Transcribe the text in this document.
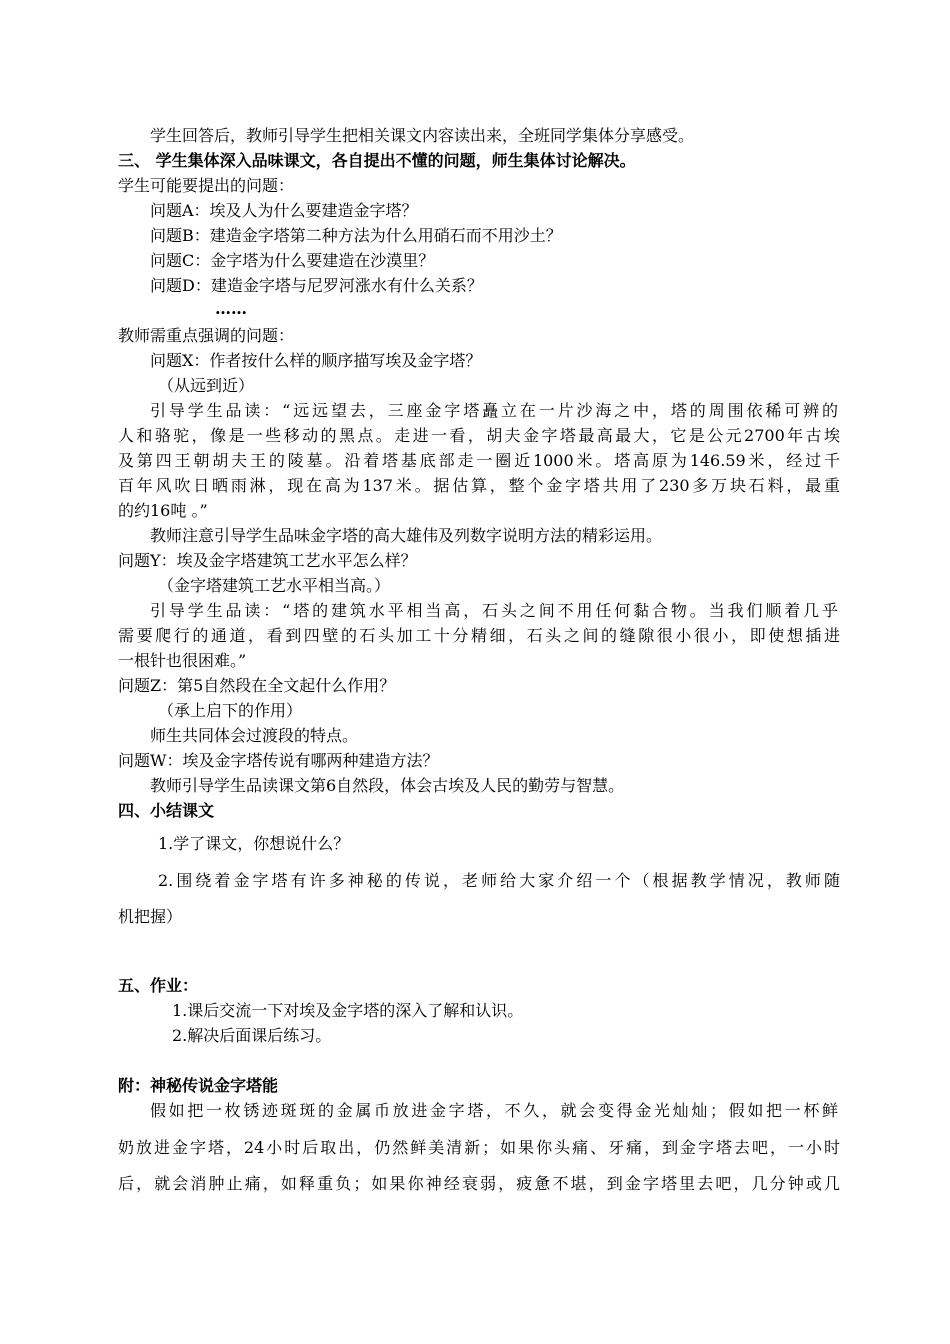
学生回答后，教师引导学生把相关课文内容读出来，全班同学集体分享感受。
三、 学生集体深入品味课文，各自提出不懂的问题，师生集体讨论解决。
学生可能要提出的问题：
问题A：埃及人为什么要建造金字塔？
问题B：建造金字塔第二种方法为什么用硝石而不用沙土？
问题C：金字塔为什么要建造在沙漠里？
问题D：建造金字塔与尼罗河涨水有什么关系？
……
教师需重点强调的问题：
问题X：作者按什么样的顺序描写埃及金字塔？
（从远到近）
引导学生品读：“远远望去，三座金字塔矗立在一片沙海之中，塔的周围依稀可辨的
人和骆驼，像是一些移动的黑点。走进一看，胡夫金字塔最高最大，它是公元2700年古埃
及第四王朝胡夫王的陵墓。沿着塔基底部走一圈近1000米。塔高原为146.59米，经过千
百年风吹日晒雨淋，现在高为137米。据估算，整个金字塔共用了230多万块石料，最重
的约16吨 。”
教师注意引导学生品味金字塔的高大雄伟及列数字说明方法的精彩运用。
问题Y：埃及金字塔建筑工艺水平怎么样？
（金字塔建筑工艺水平相当高。）
引导学生品读：“塔的建筑水平相当高，石头之间不用任何黏合物。当我们顺着几乎
需要爬行的通道，看到四壁的石头加工十分精细，石头之间的缝隙很小很小，即使想插进
一根针也很困难。”
问题Z：第5自然段在全文起什么作用？
（承上启下的作用）
师生共同体会过渡段的特点。
问题W：埃及金字塔传说有哪两种建造方法？
教师引导学生品读课文第6自然段，体会古埃及人民的勤劳与智慧。
四、小结课文
1.学了课文，你想说什么？
2.围绕着金字塔有许多神秘的传说，老师给大家介绍一个（根据教学情况，教师随
机把握）
五、作业：
1.课后交流一下对埃及金字塔的深入了解和认识。
2.解决后面课后练习。
附：神秘传说金字塔能
假如把一枚锈迹斑斑的金属币放进金字塔，不久，就会变得金光灿灿；假如把一杯鲜
奶放进金字塔，24小时后取出，仍然鲜美清新；如果你头痛、牙痛，到金字塔去吧，一小时
后，就会消肿止痛，如释重负；如果你神经衰弱，疲惫不堪，到金字塔里去吧，几分钟或几
